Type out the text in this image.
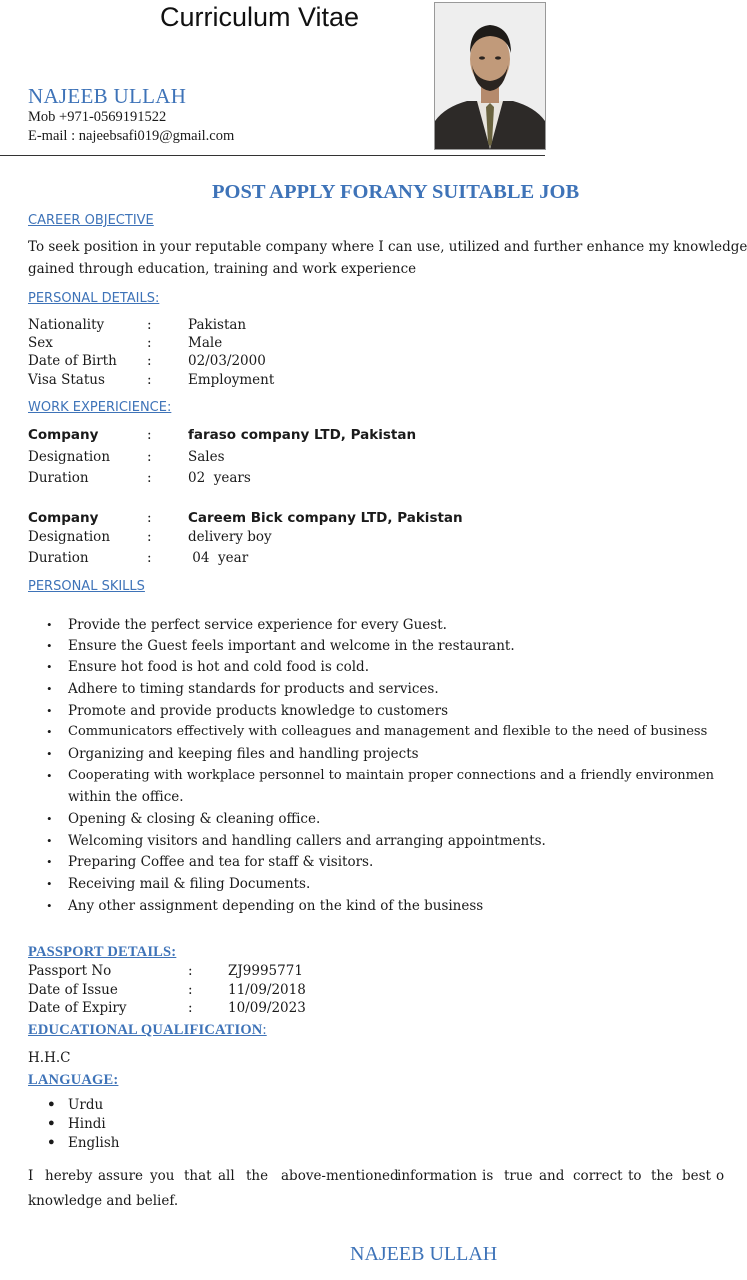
Curriculum Vitae
NAJEEB ULLAH
Mob +971-0569191522
E-mail : najeebsafi019@gmail.com
POST APPLY FORANY SUITABLE JOB
CAREER OBJECTIVE
To seek position in your reputable company where I can use, utilized and further enhance my knowledge
gained through education, training and work experience
PERSONAL DETAILS:
Nationality	:	Pakistan
Sex	:	Male
Date of Birth :	02/03/2000
Visa Status	:	Employment
WORK EXPERICIENCE:
Company	:	faraso company LTD, Pakistan
Designation	:	Sales
Duration	:	02  years
Company	:	Careem Bick company LTD, Pakistan
Designation	:	delivery boy
Duration	:	04  year
PERSONAL SKILLS
• Provide the perfect service experience for every Guest.
• Ensure the Guest feels important and welcome in the restaurant.
• Ensure hot food is hot and cold food is cold.
• Adhere to timing standards for products and services.
• Promote and provide products knowledge to customers
• Communicators effectively with colleagues and management and flexible to the need of business
• Organizing and keeping files and handling projects
• Cooperating with workplace personnel to maintain proper connections and a friendly environmen
within the office.
• Opening & closing & cleaning office.
• Welcoming visitors and handling callers and arranging appointments.
• Preparing Coffee and tea for staff & visitors.
• Receiving mail & filing Documents.
• Any other assignment depending on the kind of the business
PASSPORT DETAILS:
Passport No	:	ZJ9995771
Date of Issue	:	11/09/2018
Date of Expiry	:	10/09/2023
EDUCATIONAL QUALIFICATION:
H.H.C
LANGUAGE:
● Urdu
● Hindi
● English
I hereby assure you that all the above-mentioned
information is true and correct to the best o
knowledge and belief.
NAJEEB ULLAH
